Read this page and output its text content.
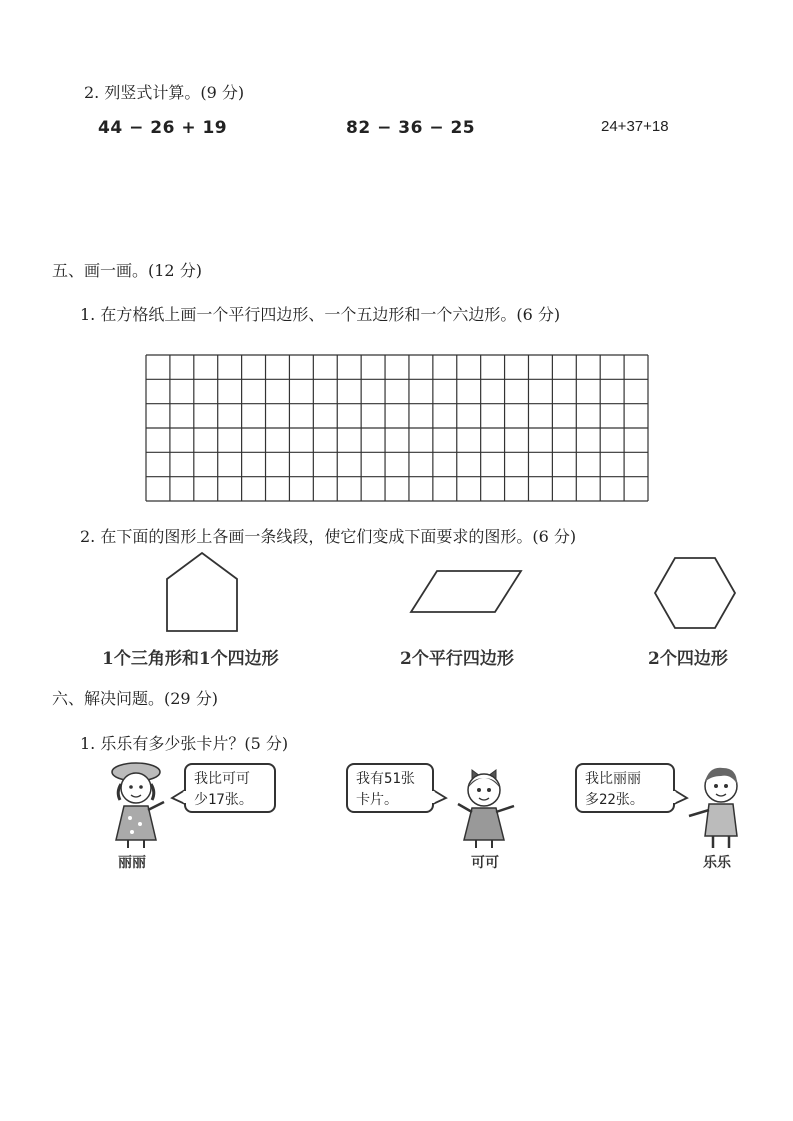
2. 列竖式计算。(9 分)
44 − 26 + 19	82 − 36 − 25	24+37+18
五、画一画。(12 分)
1. 在方格纸上画一个平行四边形、一个五边形和一个六边形。(6 分)
2. 在下面的图形上各画一条线段，使它们变成下面要求的图形。(6 分)
1个三角形和1个四边形	2个平行四边形	2个四边形
六、解决问题。(29 分)
1. 乐乐有多少张卡片？(5 分)
我比可可
少17张。
丽丽
我有51张
卡片。
可可
我比丽丽
多22张。
乐乐
